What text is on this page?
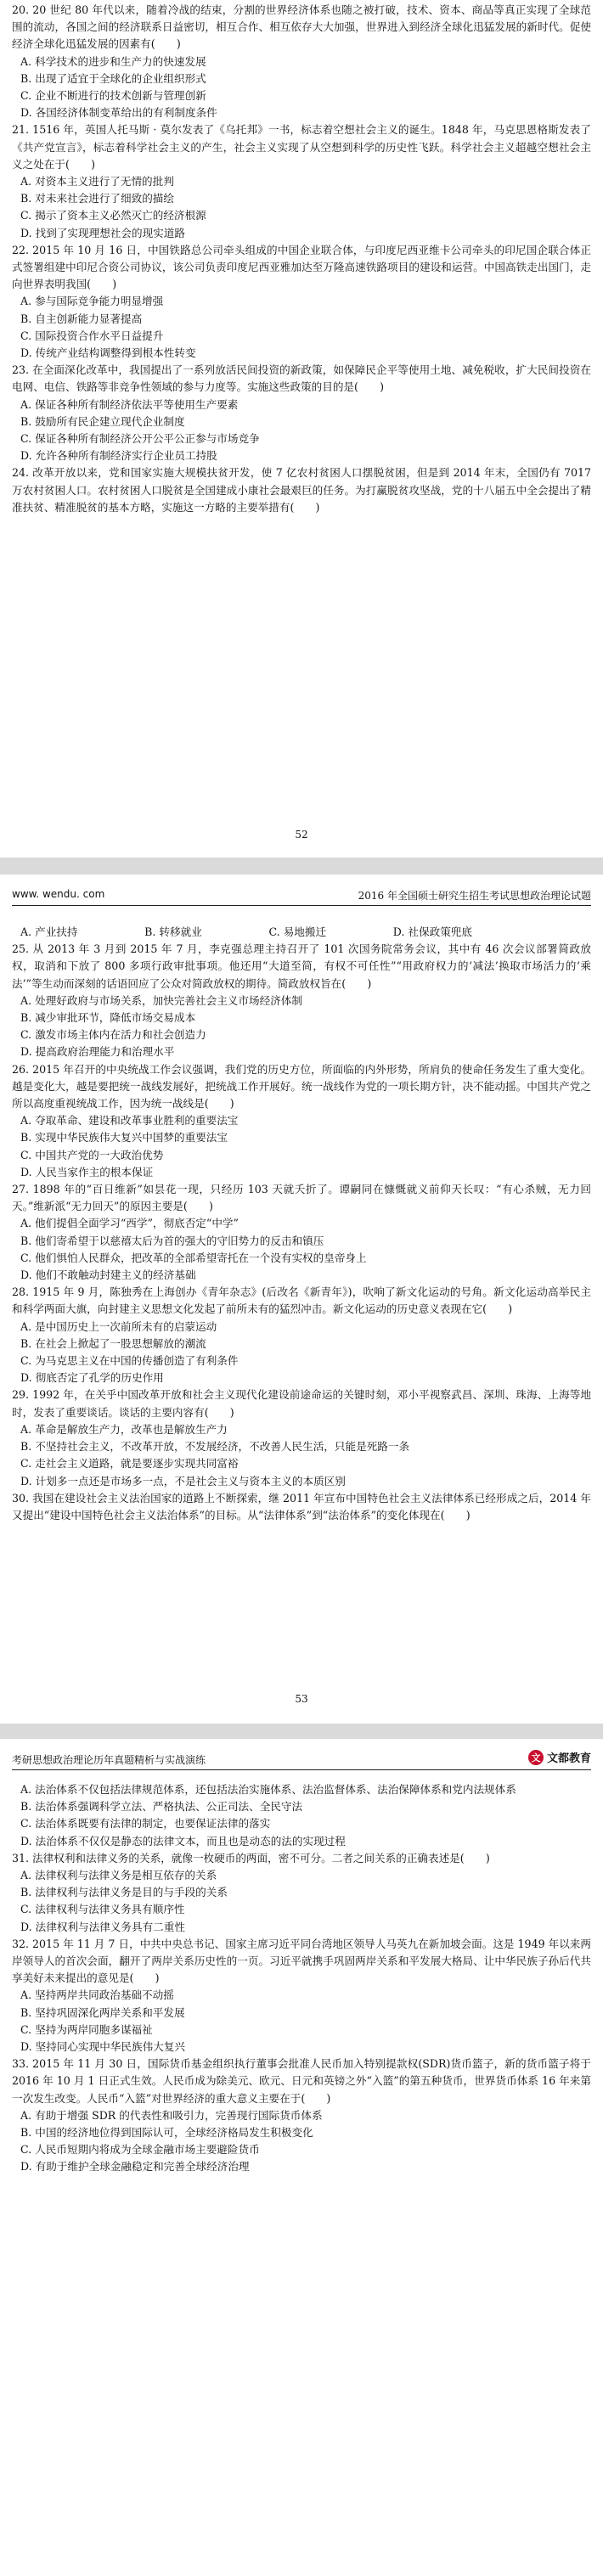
20. 20 世纪 80 年代以来，随着冷战的结束，分割的世界经济体系也随之被打破，技术、资本、商品等真正实现了全球范围的流动，各国之间的经济联系日益密切，相互合作、相互依存大大加强，世界进入到经济全球化迅猛发展的新时代。促使经济全球化迅猛发展的因素有(　　)

A. 科学技术的进步和生产力的快速发展

B. 出现了适宜于全球化的企业组织形式

C. 企业不断进行的技术创新与管理创新

D. 各国经济体制变革给出的有利制度条件

21. 1516 年，英国人托马斯 · 莫尔发表了《乌托邦》一书，标志着空想社会主义的诞生。1848 年，马克思恩格斯发表了《共产党宣言》，标志着科学社会主义的产生，社会主义实现了从空想到科学的历史性飞跃。科学社会主义超越空想社会主义之处在于(　　)

A. 对资本主义进行了无情的批判

B. 对未来社会进行了细致的描绘

C. 揭示了资本主义必然灭亡的经济根源

D. 找到了实现理想社会的现实道路

22. 2015 年 10 月 16 日，中国铁路总公司牵头组成的中国企业联合体，与印度尼西亚维卡公司牵头的印尼国企联合体正式签署组建中印尼合资公司协议，该公司负责印度尼西亚雅加达至万隆高速铁路项目的建设和运营。中国高铁走出国门，走向世界表明我国(　　)

A. 参与国际竞争能力明显增强

B. 自主创新能力显著提高

C. 国际投资合作水平日益提升

D. 传统产业结构调整得到根本性转变

23. 在全面深化改革中，我国提出了一系列放活民间投资的新政策，如保障民企平等使用土地、减免税收，扩大民间投资在电网、电信、铁路等非竞争性领域的参与力度等。实施这些政策的目的是(　　)

A. 保证各种所有制经济依法平等使用生产要素

B. 鼓励所有民企建立现代企业制度

C. 保证各种所有制经济公开公平公正参与市场竞争

D. 允许各种所有制经济实行企业员工持股

24. 改革开放以来，党和国家实施大规模扶贫开发，使 7 亿农村贫困人口摆脱贫困，但是到 2014 年末，全国仍有 7017 万农村贫困人口。农村贫困人口脱贫是全国建成小康社会最艰巨的任务。为打赢脱贫攻坚战，党的十八届五中全会提出了精准扶贫、精准脱贫的基本方略，实施这一方略的主要举措有(　　)

52
www. wendu. com	2016 年全国硕士研究生招生考试思想政治理论试题
A. 产业扶持	B. 转移就业	C. 易地搬迁	D. 社保政策兜底

25. 从 2013 年 3 月到 2015 年 7 月，李克强总理主持召开了 101 次国务院常务会议，其中有 46 次会议部署简政放权，取消和下放了 800 多项行政审批事项。他还用“大道至简，有权不可任性”“用政府权力的‘减法’换取市场活力的‘乘法’”等生动而深刻的话语回应了公众对简政放权的期待。简政放权旨在(　　)

A. 处理好政府与市场关系，加快完善社会主义市场经济体制

B. 减少审批环节，降低市场交易成本

C. 激发市场主体内在活力和社会创造力

D. 提高政府治理能力和治理水平

26. 2015 年召开的中央统战工作会议强调，我们党的历史方位，所面临的内外形势，所肩负的使命任务发生了重大变化。越是变化大，越是要把统一战线发展好，把统战工作开展好。统一战线作为党的一项长期方针，决不能动摇。中国共产党之所以高度重视统战工作，因为统一战线是(　　)

A. 夺取革命、建设和改革事业胜利的重要法宝

B. 实现中华民族伟大复兴中国梦的重要法宝

C. 中国共产党的一大政治优势

D. 人民当家作主的根本保证

27. 1898 年的“百日维新”如昙花一现，只经历 103 天就夭折了。谭嗣同在慷慨就义前仰天长叹：“有心杀贼，无力回天。”维新派“无力回天”的原因主要是(　　)

A. 他们提倡全面学习“西学”，彻底否定“中学”

B. 他们寄希望于以慈禧太后为首的强大的守旧势力的反击和镇压

C. 他们惧怕人民群众，把改革的全部希望寄托在一个没有实权的皇帝身上

D. 他们不敢触动封建主义的经济基础

28. 1915 年 9 月，陈独秀在上海创办《青年杂志》(后改名《新青年》)，吹响了新文化运动的号角。新文化运动高举民主和科学两面大旗，向封建主义思想文化发起了前所未有的猛烈冲击。新文化运动的历史意义表现在它(　　)

A. 是中国历史上一次前所未有的启蒙运动

B. 在社会上掀起了一股思想解放的潮流

C. 为马克思主义在中国的传播创造了有利条件

D. 彻底否定了孔学的历史作用

29. 1992 年，在关乎中国改革开放和社会主义现代化建设前途命运的关键时刻，邓小平视察武昌、深圳、珠海、上海等地时，发表了重要谈话。谈话的主要内容有(　　)

A. 革命是解放生产力，改革也是解放生产力

B. 不坚持社会主义，不改革开放，不发展经济，不改善人民生活，只能是死路一条

C. 走社会主义道路，就是要逐步实现共同富裕

D. 计划多一点还是市场多一点，不是社会主义与资本主义的本质区别

30. 我国在建设社会主义法治国家的道路上不断探索，继 2011 年宣布中国特色社会主义法律体系已经形成之后，2014 年又提出“建设中国特色社会主义法治体系”的目标。从“法律体系”到“法治体系”的变化体现在(　　)

53
考研思想政治理论历年真题精析与实战演练	文 文都教育

A. 法治体系不仅包括法律规范体系，还包括法治实施体系、法治监督体系、法治保障体系和党内法规体系

B. 法治体系强调科学立法、严格执法、公正司法、全民守法

C. 法治体系既要有法律的制定，也要保证法律的落实

D. 法治体系不仅仅是静态的法律文本，而且也是动态的法的实现过程

31. 法律权利和法律义务的关系，就像一枚硬币的两面，密不可分。二者之间关系的正确表述是(　　)

A. 法律权利与法律义务是相互依存的关系

B. 法律权利与法律义务是目的与手段的关系

C. 法律权利与法律义务具有顺序性

D. 法律权利与法律义务具有二重性

32. 2015 年 11 月 7 日，中共中央总书记、国家主席习近平同台湾地区领导人马英九在新加坡会面。这是 1949 年以来两岸领导人的首次会面，翻开了两岸关系历史性的一页。习近平就携手巩固两岸关系和平发展大格局、让中华民族子孙后代共享美好未来提出的意见是(　　)

A. 坚持两岸共同政治基础不动摇

B. 坚持巩固深化两岸关系和平发展

C. 坚持为两岸同胞多谋福祉

D. 坚持同心实现中华民族伟大复兴

33. 2015 年 11 月 30 日，国际货币基金组织执行董事会批准人民币加入特别提款权(SDR)货币篮子，新的货币篮子将于 2016 年 10 月 1 日正式生效。人民币成为除美元、欧元、日元和英镑之外“入篮”的第五种货币，世界货币体系 16 年来第一次发生改变。人民币“入篮”对世界经济的重大意义主要在于(　　)

A. 有助于增强 SDR 的代表性和吸引力，完善现行国际货币体系

B. 中国的经济地位得到国际认可，全球经济格局发生积极变化

C. 人民币短期内将成为全球金融市场主要避险货币

D. 有助于维护全球金融稳定和完善全球经济治理
